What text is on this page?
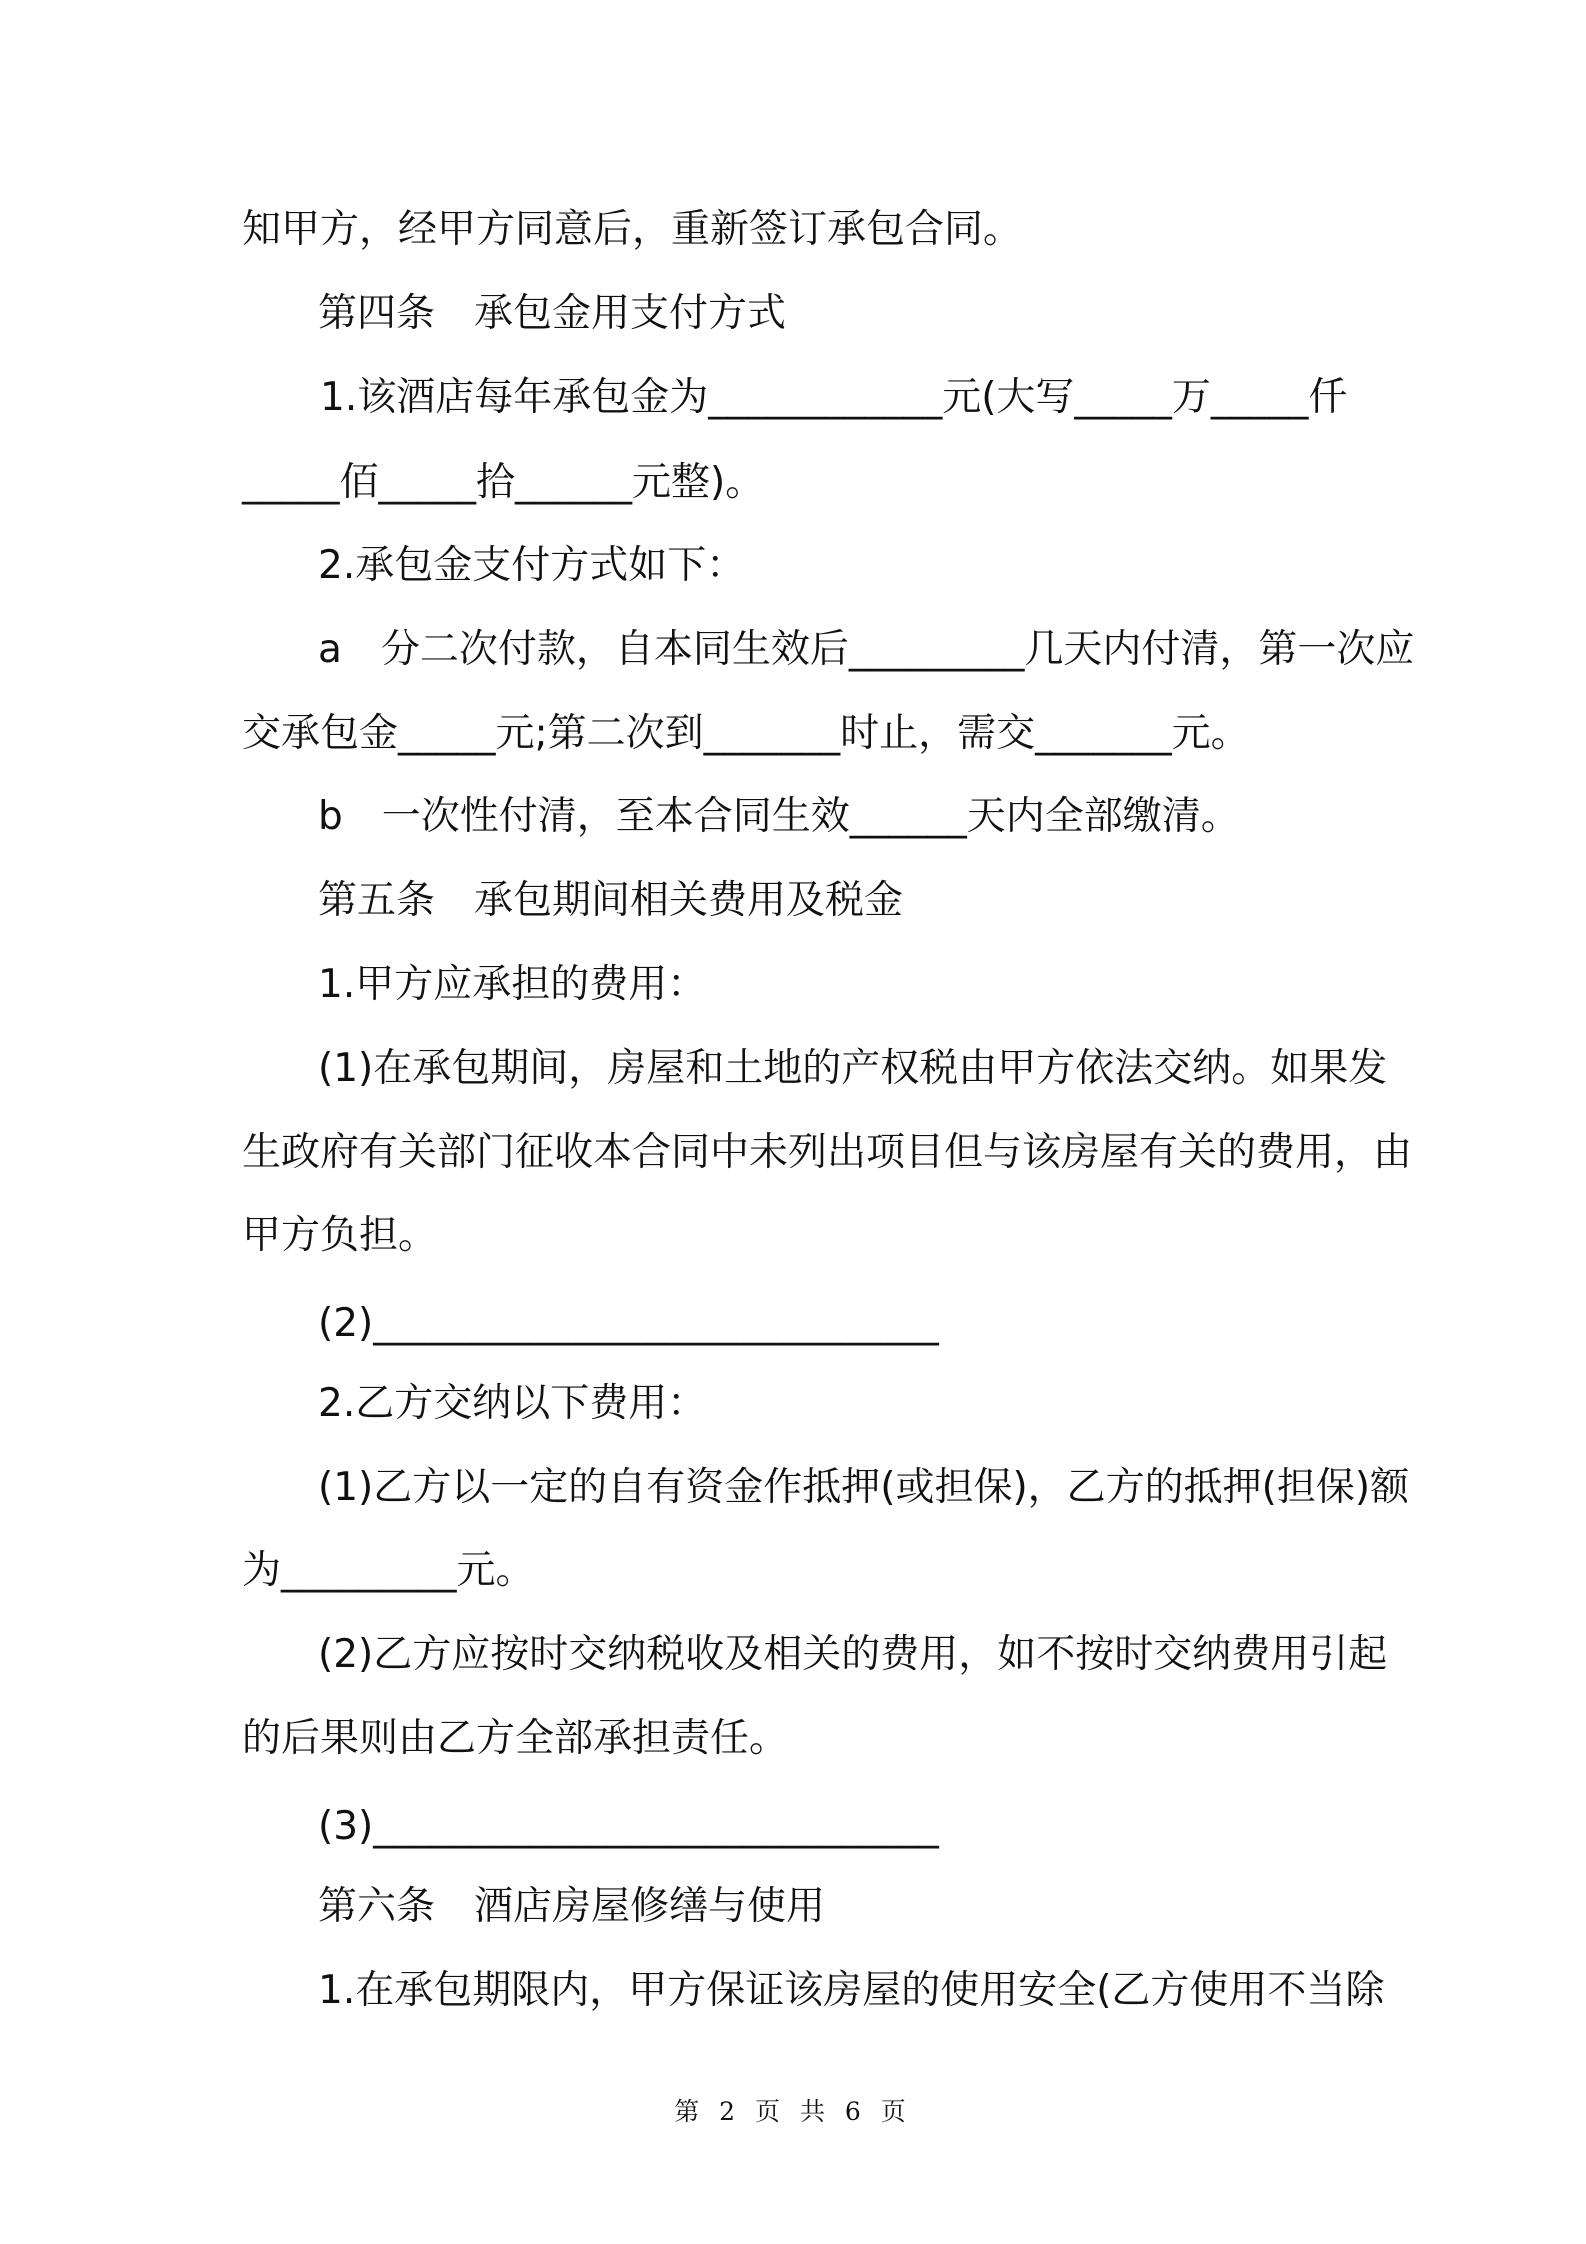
知甲方，经甲方同意后，重新签订承包合同。
第四条　承包金用支付方式
1.该酒店每年承包金为____________元(大写_____万_____仟
_____佰_____拾______元整)。
2.承包金支付方式如下：
a　分二次付款，自本同生效后_________几天内付清，第一次应
交承包金_____元;第二次到_______时止，需交_______元。
b　一次性付清，至本合同生效______天内全部缴清。
第五条　承包期间相关费用及税金
1.甲方应承担的费用：
(1)在承包期间，房屋和土地的产权税由甲方依法交纳。如果发
生政府有关部门征收本合同中未列出项目但与该房屋有关的费用，由
甲方负担。
(2)_____________________________
2.乙方交纳以下费用：
(1)乙方以一定的自有资金作抵押(或担保)，乙方的抵押(担保)额
为_________元。
(2)乙方应按时交纳税收及相关的费用，如不按时交纳费用引起
的后果则由乙方全部承担责任。
(3)_____________________________
第六条　酒店房屋修缮与使用
1.在承包期限内，甲方保证该房屋的使用安全(乙方使用不当除
第 2 页 共 6 页
